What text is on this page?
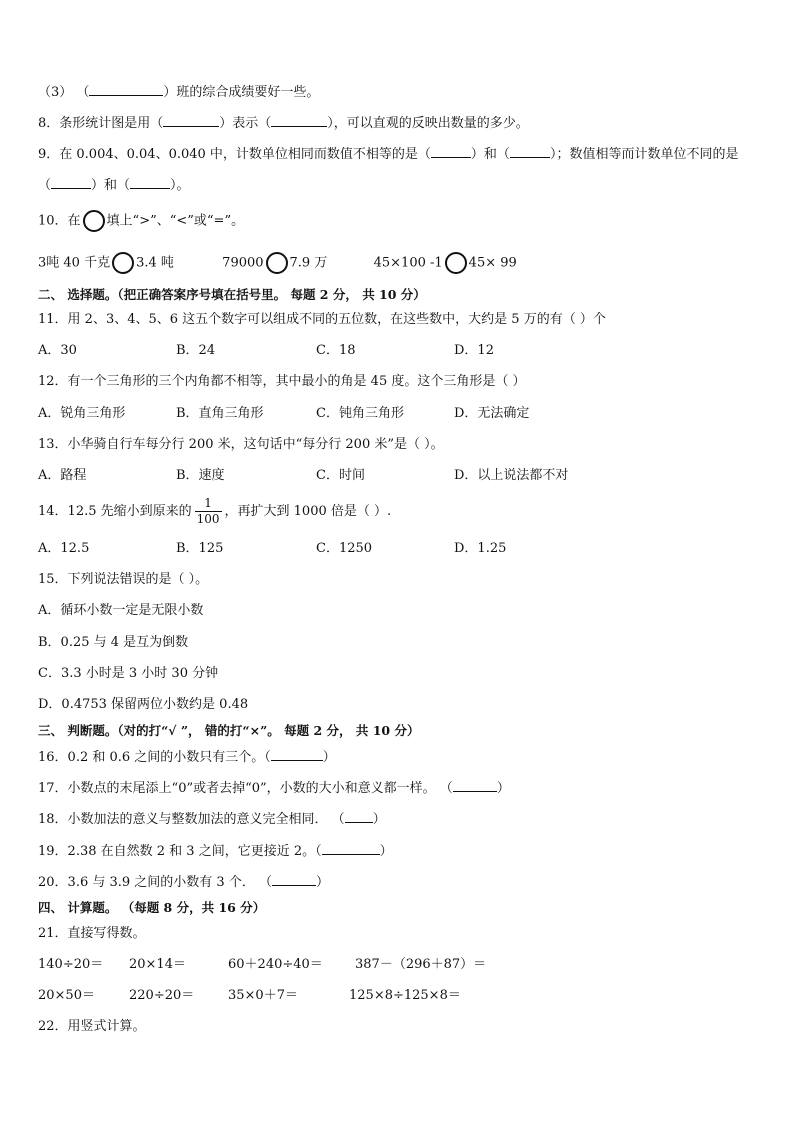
（3） （	）班的综合成绩要好一些。
8．条形统计图是用（	）表示（	），可以直观的反映出数量的多少。
9．在 0.004、0.04、0.040 中，计数单位相同而数值不相等的是（	）和（	）；数值相等而计数单位不同的是
（	）和（	）。
10．在 填上“>”、“<”或“=”。
3吨 40 千克 3.4 吨	79000 7.9 万	45×100 -1 45× 99
二、 选择题。（把正确答案序号填在括号里。 每题 2 分， 共 10 分）
11．用 2、3、4、5、6 这五个数字可以组成不同的五位数，在这些数中，大约是 5 万的有（ ）个
A．30	B．24	C．18	D．12
12．有一个三角形的三个内角都不相等，其中最小的角是 45 度。这个三角形是（ ）
A．锐角三角形	B．直角三角形	C．钝角三角形	D．无法确定
13．小华骑自行车每分行 200 米，这句话中“每分行 200 米”是（ ）。
A．路程	B．速度	C．时间	D．以上说法都不对
14．12.5 先缩小到原来的 $\frac{1}{100}$ ，再扩大到 1000 倍是（ ）.
A．12.5	B．125	C．1250	D．1.25
15．下列说法错误的是（ ）。
A．循环小数一定是无限小数
B．0.25 与 4 是互为倒数
C．3.3 小时是 3 小时 30 分钟
D．0.4753 保留两位小数约是 0.48
三、 判断题。（对的打“√ ”， 错的打“×”。 每题 2 分， 共 10 分）
16．0.2 和 0.6 之间的小数只有三个。（	）
17．小数点的末尾添上“0”或者去掉“0”，小数的大小和意义都一样。 （	）
18．小数加法的意义与整数加法的意义完全相同． （ ）
19．2.38 在自然数 2 和 3 之间，它更接近 2。（	）
20．3.6 与 3.9 之间的小数有 3 个． （	）
四、 计算题。 （每题 8 分，共 16 分）
21．直接写得数。
140÷20＝ 20×14＝	60＋240÷40＝ 387－（296＋87）＝
20×50＝	220÷20＝	35×0＋7＝	125×8÷125×8＝
22．用竖式计算。
